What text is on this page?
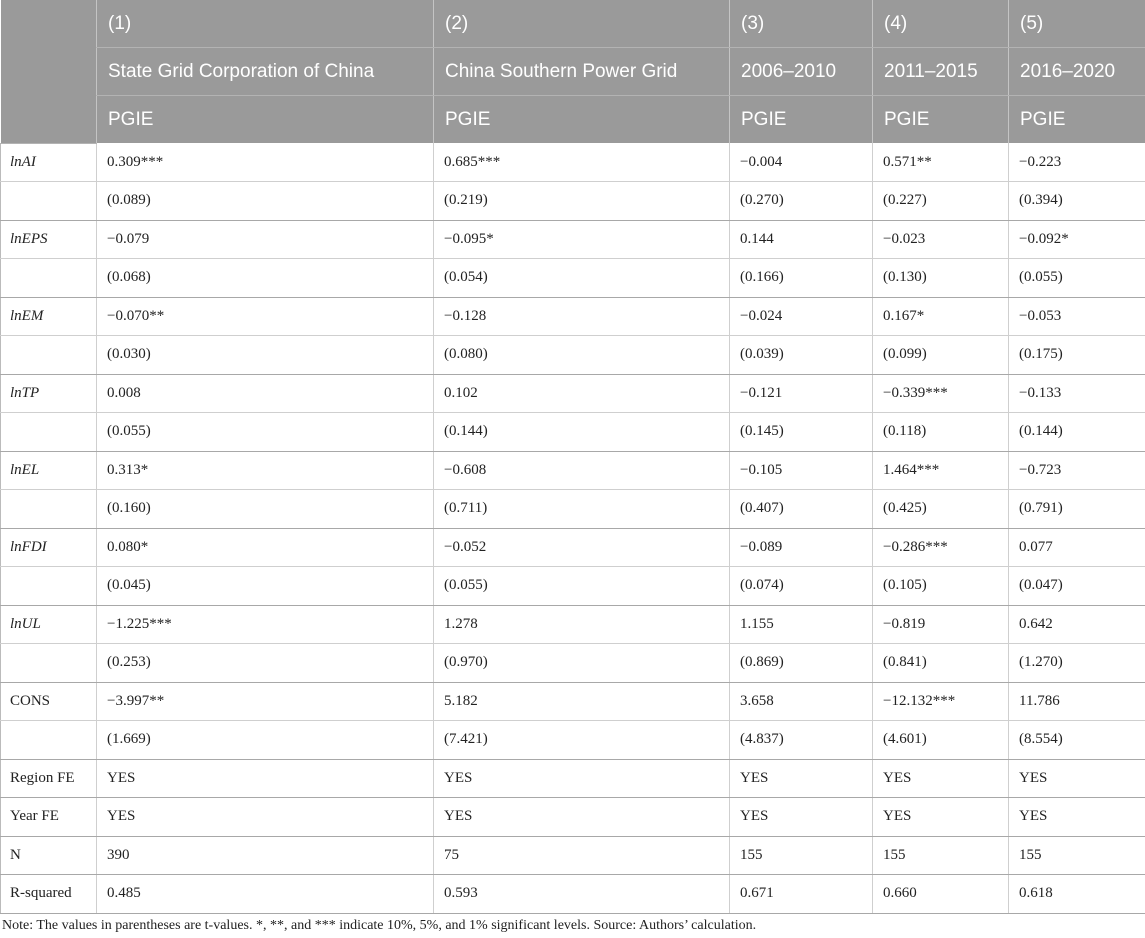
	(1)	(2)	(3)	(4)	(5)
	State Grid Corporation of China	China Southern Power Grid	2006–2010	2011–2015	2016–2020
	PGIE	PGIE	PGIE	PGIE	PGIE
lnAI	0.309***	0.685***	−0.004	0.571**	−0.223
	(0.089)	(0.219)	(0.270)	(0.227)	(0.394)
lnEPS	−0.079	−0.095*	0.144	−0.023	−0.092*
	(0.068)	(0.054)	(0.166)	(0.130)	(0.055)
lnEM	−0.070**	−0.128	−0.024	0.167*	−0.053
	(0.030)	(0.080)	(0.039)	(0.099)	(0.175)
lnTP	0.008	0.102	−0.121	−0.339***	−0.133
	(0.055)	(0.144)	(0.145)	(0.118)	(0.144)
lnEL	0.313*	−0.608	−0.105	1.464***	−0.723
	(0.160)	(0.711)	(0.407)	(0.425)	(0.791)
lnFDI	0.080*	−0.052	−0.089	−0.286***	0.077
	(0.045)	(0.055)	(0.074)	(0.105)	(0.047)
lnUL	−1.225***	1.278	1.155	−0.819	0.642
	(0.253)	(0.970)	(0.869)	(0.841)	(1.270)
CONS	−3.997**	5.182	3.658	−12.132***	11.786
	(1.669)	(7.421)	(4.837)	(4.601)	(8.554)
Region FE	YES	YES	YES	YES	YES
Year FE	YES	YES	YES	YES	YES
N	390	75	155	155	155
R-squared	0.485	0.593	0.671	0.660	0.618
Note: The values in parentheses are t-values. *, **, and *** indicate 10%, 5%, and 1% significant levels. Source: Authors’ calculation.
